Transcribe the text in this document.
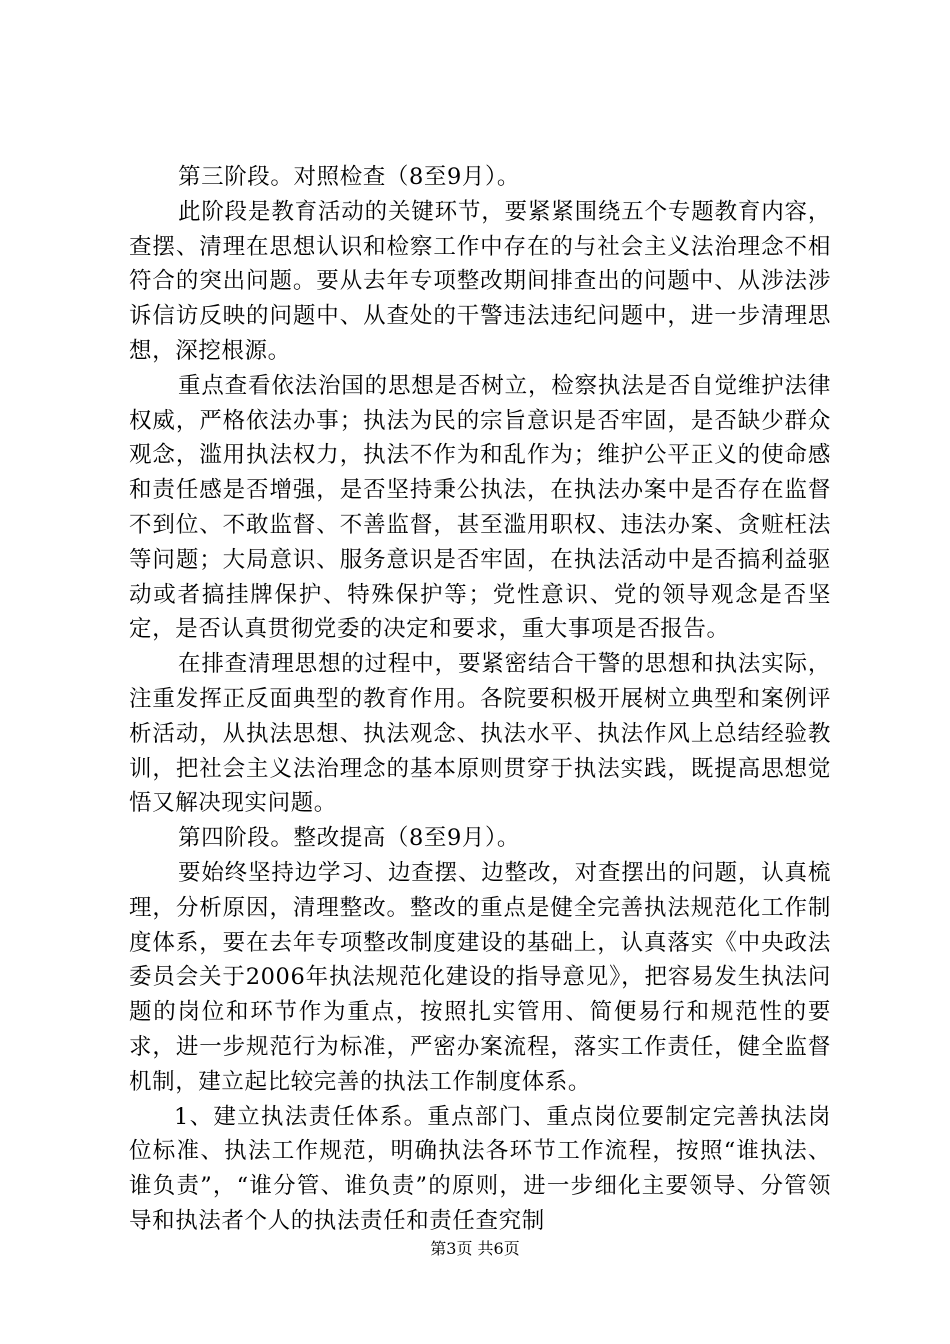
第三阶段。对照检查（8至9月）。

此阶段是教育活动的关键环节，要紧紧围绕五个专题教育内容，查摆、清理在思想认识和检察工作中存在的与社会主义法治理念不相符合的突出问题。要从去年专项整改期间排查出的问题中、从涉法涉诉信访反映的问题中、从查处的干警违法违纪问题中，进一步清理思想，深挖根源。

重点查看依法治国的思想是否树立，检察执法是否自觉维护法律权威，严格依法办事；执法为民的宗旨意识是否牢固，是否缺少群众观念，滥用执法权力，执法不作为和乱作为；维护公平正义的使命感和责任感是否增强，是否坚持秉公执法，在执法办案中是否存在监督不到位、不敢监督、不善监督，甚至滥用职权、违法办案、贪赃枉法等问题；大局意识、服务意识是否牢固，在执法活动中是否搞利益驱动或者搞挂牌保护、特殊保护等；党性意识、党的领导观念是否坚定，是否认真贯彻党委的决定和要求，重大事项是否报告。

在排查清理思想的过程中，要紧密结合干警的思想和执法实际，注重发挥正反面典型的教育作用。各院要积极开展树立典型和案例评析活动，从执法思想、执法观念、执法水平、执法作风上总结经验教训，把社会主义法治理念的基本原则贯穿于执法实践，既提高思想觉悟又解决现实问题。

第四阶段。整改提高（8至9月）。

要始终坚持边学习、边查摆、边整改，对查摆出的问题，认真梳理，分析原因，清理整改。整改的重点是健全完善执法规范化工作制度体系，要在去年专项整改制度建设的基础上，认真落实《中央政法委员会关于2006年执法规范化建设的指导意见》，把容易发生执法问题的岗位和环节作为重点，按照扎实管用、简便易行和规范性的要求，进一步规范行为标准，严密办案流程，落实工作责任，健全监督机制，建立起比较完善的执法工作制度体系。

1、建立执法责任体系。重点部门、重点岗位要制定完善执法岗位标准、执法工作规范，明确执法各环节工作流程，按照“谁执法、谁负责”，“谁分管、谁负责”的原则，进一步细化主要领导、分管领导和执法者个人的执法责任和责任查究制

第3页 共6页
